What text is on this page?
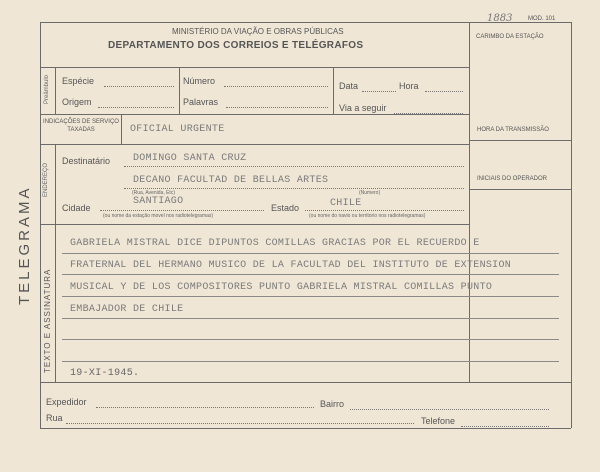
TELEGRAMA
MINISTÉRIO DA VIAÇÃO E OBRAS PÚBLICAS
DEPARTAMENTO DOS CORREIOS E TELÉGRAFOS
1883	MOD. 101
CARIMBO DA ESTAÇÃO
Preâmbulo Espécie
Origem
Número
Palavras
Data	Hora
Via a seguir
INDICAÇÕES DE SERVIÇO TAXADAS	OFICIAL URGENTE	HORA DA TRANSMISSÃO
INICIAIS DO OPERADOR
ENDEREÇO
Destinatário DOMINGO SANTA CRUZ
DECANO FACULTAD DE BELLAS ARTES
(Rua, Avenida, Etc)	(Numero)
Cidade
SANTIAGO
(ou nome da estação movel nos radiotelegramas)
Estado	CHILE
(ou nome do navio ou territorio nos radiotelegramas)
TEXTO E ASSINATURA
GABRIELA MISTRAL DICE DIPUNTOS COMILLAS GRACIAS POR EL RECUERDO E
FRATERNAL DEL HERMANO MUSICO DE LA FACULTAD DEL INSTITUTO DE EXTENSION
MUSICAL Y DE LOS COMPOSITORES PUNTO GABRIELA MISTRAL COMILLAS PUNTO
EMBAJADOR DE CHILE
19-XI-1945.
Expedidor	Bairro
Rua	Telefone
